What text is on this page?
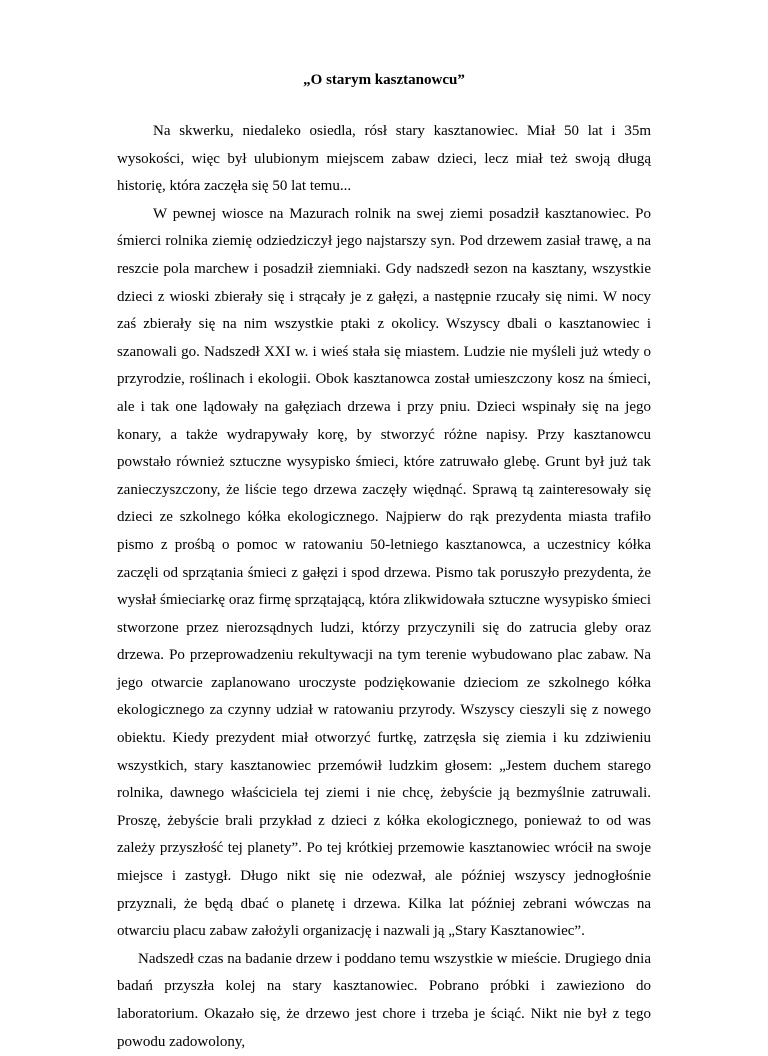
„O starym kasztanowcu”

Na skwerku, niedaleko osiedla, rósł stary kasztanowiec. Miał 50 lat i 35m wysokości, więc był ulubionym miejscem zabaw dzieci, lecz miał też swoją długą historię, która zaczęła się 50 lat temu...

W pewnej wiosce na Mazurach rolnik na swej ziemi posadził kasztanowiec. Po śmierci rolnika ziemię odziedziczył jego najstarszy syn. Pod drzewem zasiał trawę, a na reszcie pola marchew i posadził ziemniaki. Gdy nadszedł sezon na kasztany, wszystkie dzieci z wioski zbierały się i strącały je z gałęzi, a następnie rzucały się nimi. W nocy zaś zbierały się na nim wszystkie ptaki z okolicy. Wszyscy dbali o kasztanowiec i szanowali go. Nadszedł XXI w. i wieś stała się miastem. Ludzie nie myśleli już wtedy o przyrodzie, roślinach i ekologii. Obok kasztanowca został umieszczony kosz na śmieci, ale i tak one lądowały na gałęziach drzewa i przy pniu. Dzieci wspinały się na jego konary, a także wydrapywały korę, by stworzyć różne napisy. Przy kasztanowcu powstało również sztuczne wysypisko śmieci, które zatruwało glebę. Grunt był już tak zanieczyszczony, że liście tego drzewa zaczęły więdnąć. Sprawą tą zainteresowały się dzieci ze szkolnego kółka ekologicznego. Najpierw do rąk prezydenta miasta trafiło pismo z prośbą o pomoc w ratowaniu 50-letniego kasztanowca, a uczestnicy kółka zaczęli od sprzątania śmieci z gałęzi i spod drzewa. Pismo tak poruszyło prezydenta, że wysłał śmieciarkę oraz firmę sprzątającą, która zlikwidowała sztuczne wysypisko śmieci stworzone przez nierozsądnych ludzi, którzy przyczynili się do zatrucia gleby oraz drzewa. Po przeprowadzeniu rekultywacji na tym terenie wybudowano plac zabaw. Na jego otwarcie zaplanowano uroczyste podziękowanie dzieciom ze szkolnego kółka ekologicznego za czynny udział w ratowaniu przyrody. Wszyscy cieszyli się z nowego obiektu. Kiedy prezydent miał otworzyć furtkę, zatrzęsła się ziemia i ku zdziwieniu wszystkich, stary kasztanowiec przemówił ludzkim głosem: „Jestem duchem starego rolnika, dawnego właściciela tej ziemi i nie chcę, żebyście ją bezmyślnie zatruwali. Proszę, żebyście brali przykład z dzieci z kółka ekologicznego, ponieważ to od was zależy przyszłość tej planety”. Po tej krótkiej przemowie kasztanowiec wrócił na swoje miejsce i zastygł. Długo nikt się nie odezwał, ale później wszyscy jednogłośnie przyznali, że będą dbać o planetę i drzewa. Kilka lat później zebrani wówczas na otwarciu placu zabaw założyli organizację i nazwali ją „Stary Kasztanowiec”.

Nadszedł czas na badanie drzew i poddano temu wszystkie w mieście. Drugiego dnia badań przyszła kolej na stary kasztanowiec. Pobrano próbki i zawieziono do laboratorium. Okazało się, że drzewo jest chore i trzeba je ściąć. Nikt nie był z tego powodu zadowolony,
